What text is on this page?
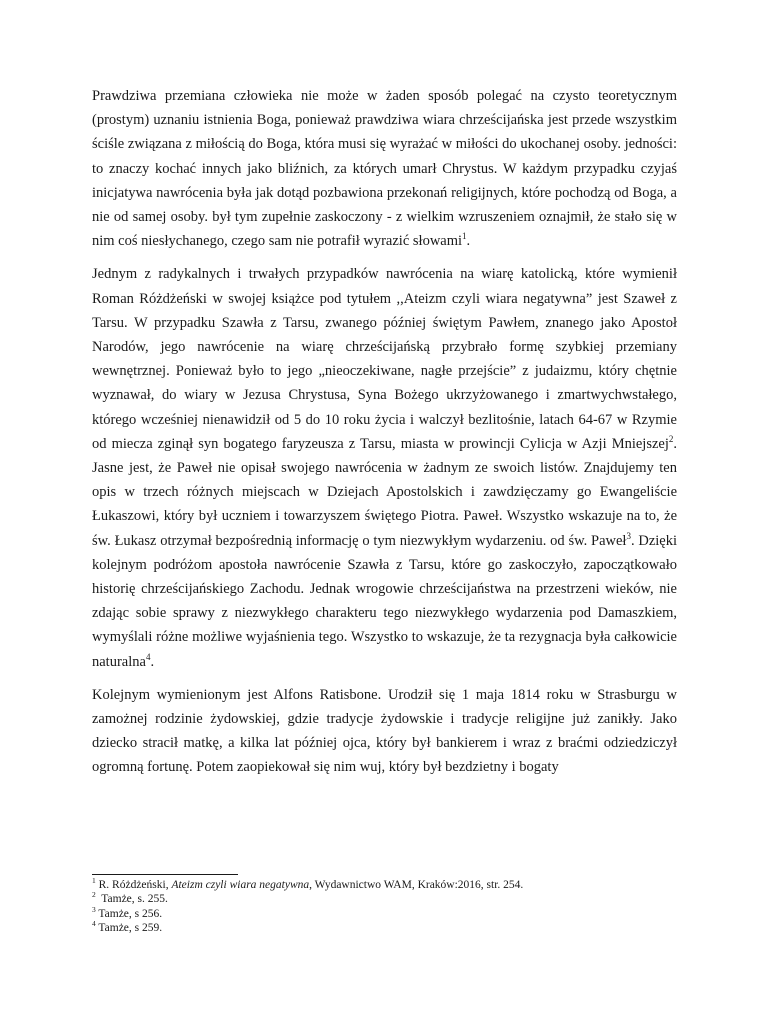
Prawdziwa przemiana człowieka nie może w żaden sposób polegać na czysto teoretycznym (prostym) uznaniu istnienia Boga, ponieważ prawdziwa wiara chrześcijańska jest przede wszystkim ściśle związana z miłością do Boga, która musi się wyrażać w miłości do ukochanej osoby. jedności: to znaczy kochać innych jako bliźnich, za których umarł Chrystus. W każdym przypadku czyjaś inicjatywa nawrócenia była jak dotąd pozbawiona przekonań religijnych, które pochodzą od Boga, a nie od samej osoby. był tym zupełnie zaskoczony - z wielkim wzruszeniem oznajmił, że stało się w nim coś niesłychanego, czego sam nie potrafił wyrazić słowami$^1$.

Jednym z radykalnych i trwałych przypadków nawrócenia na wiarę katolicką, które wymienił Roman Różdżeński w swojej książce pod tytułem ,,Ateizm czyli wiara negatywna” jest Szaweł z Tarsu. W przypadku Szawła z Tarsu, zwanego później świętym Pawłem, znanego jako Apostoł Narodów, jego nawrócenie na wiarę chrześcijańską przybrało formę szybkiej przemiany wewnętrznej. Ponieważ było to jego „nieoczekiwane, nagłe przejście” z judaizmu, który chętnie wyznawał, do wiary w Jezusa Chrystusa, Syna Bożego ukrzyżowanego i zmartwychwstałego, którego wcześniej nienawidził od 5 do 10 roku życia i walczył bezlitośnie, latach 64-67 w Rzymie od miecza zginął syn bogatego faryzeusza z Tarsu, miasta w prowincji Cylicja w Azji Mniejszej$^2$. Jasne jest, że Paweł nie opisał swojego nawrócenia w żadnym ze swoich listów. Znajdujemy ten opis w trzech różnych miejscach w Dziejach Apostolskich i zawdzięczamy go Ewangeliście Łukaszowi, który był uczniem i towarzyszem świętego Piotra. Paweł. Wszystko wskazuje na to, że św. Łukasz otrzymał bezpośrednią informację o tym niezwykłym wydarzeniu. od św. Paweł$^3$. Dzięki kolejnym podróżom apostoła nawrócenie Szawła z Tarsu, które go zaskoczyło, zapoczątkowało historię chrześcijańskiego Zachodu. Jednak wrogowie chrześcijaństwa na przestrzeni wieków, nie zdając sobie sprawy z niezwykłego charakteru tego niezwykłego wydarzenia pod Damaszkiem, wymyślali różne możliwe wyjaśnienia tego. Wszystko to wskazuje, że ta rezygnacja była całkowicie naturalna$^4$.

Kolejnym wymienionym jest Alfons Ratisbone. Urodził się 1 maja 1814 roku w Strasburgu w zamożnej rodzinie żydowskiej, gdzie tradycje żydowskie i tradycje religijne już zanikły. Jako dziecko stracił matkę, a kilka lat później ojca, który był bankierem i wraz z braćmi odziedziczył ogromną fortunę. Potem zaopiekował się nim wuj, który był bezdzietny i bogaty

$^1$ R. Różdżeński, Ateizm czyli wiara negatywna, Wydawnictwo WAM, Kraków:2016, str. 254.

$^2$  Tamże, s. 255.

$^3$ Tamże, s 256.

$^4$ Tamże, s 259.
